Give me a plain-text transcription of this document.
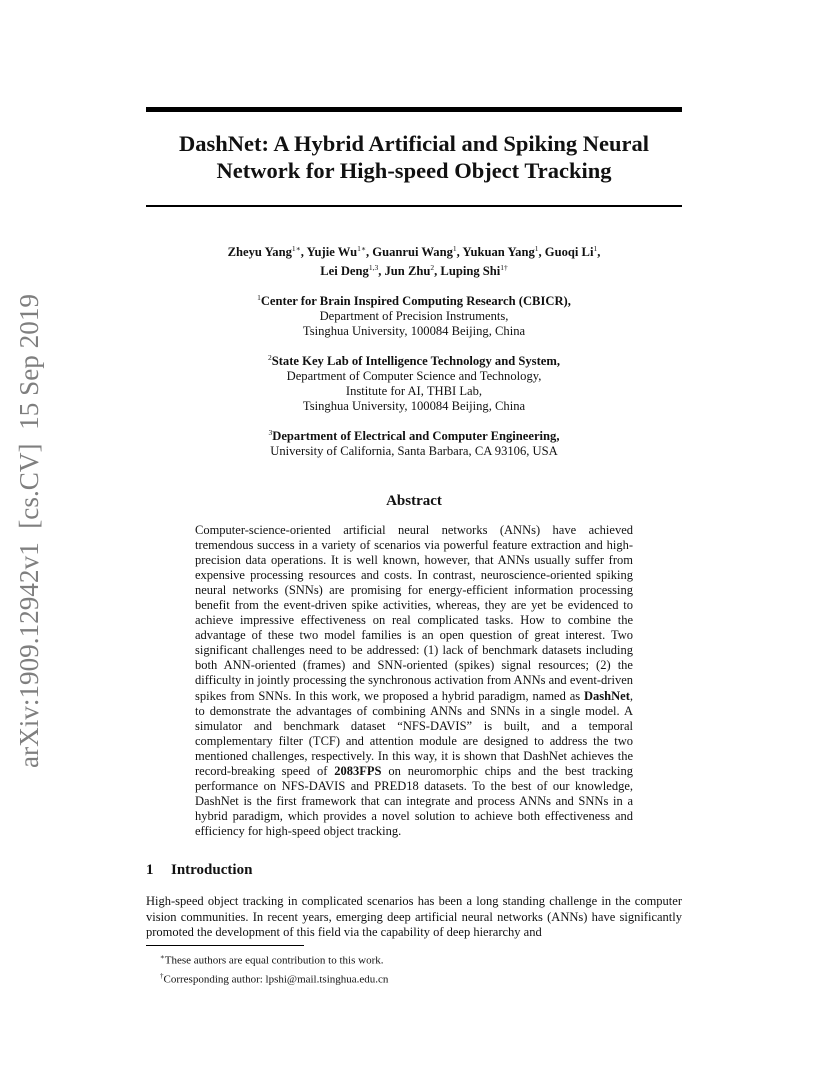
DashNet: A Hybrid Artificial and Spiking Neural
Network for High-speed Object Tracking
Zheyu Yang$^{1∗}$, Yujie $Wu^{1∗}$, Guanrui Wang$^1$, Yukuan Yang$^1$, Guoqi Li$^1$,
Lei Deng$^{1,3}$, Jun Zhu$^2$, Luping Shi$^{1\dagger}$
$^1$Center for Brain Inspired Computing Research (CBICR),
Department of Precision Instruments,
Tsinghua University, 100084 Beijing, China
$^2$State Key Lab of Intelligence Technology and System,
Department of Computer Science and Technology,
Institute for AI, THBI Lab,
Tsinghua University, 100084 Beijing, China
$^3$Department of Electrical and Computer Engineering,
University of California, Santa Barbara, CA 93106, USA
Abstract
Computer-science-oriented artificial neural networks (ANNs) have achieved tremendous success in a variety of scenarios via powerful feature extraction and high-precision data operations. It is well known, however, that ANNs usually suffer from expensive processing resources and costs. In contrast, neuroscience-oriented spiking neural networks (SNNs) are promising for energy-efficient information processing benefit from the event-driven spike activities, whereas, they are yet be evidenced to achieve impressive effectiveness on real complicated tasks. How to combine the advantage of these two model families is an open question of great interest. Two significant challenges need to be addressed: (1) lack of benchmark datasets including both ANN-oriented (frames) and SNN-oriented (spikes) signal resources; (2) the difficulty in jointly processing the synchronous activation from ANNs and event-driven spikes from SNNs. In this work, we proposed a hybrid paradigm, named as DashNet, to demonstrate the advantages of combining ANNs and SNNs in a single model. A simulator and benchmark dataset “NFS-DAVIS” is built, and a temporal complementary filter (TCF) and attention module are designed to address the two mentioned challenges, respectively. In this way, it is shown that DashNet achieves the record-breaking speed of 2083FPS on neuromorphic chips and the best tracking performance on NFS-DAVIS and PRED18 datasets. To the best of our knowledge, DashNet is the first framework that can integrate and process ANNs and SNNs in a hybrid paradigm, which provides a novel solution to achieve both effectiveness and efficiency for high-speed object tracking.
1 Introduction
High-speed object tracking in complicated scenarios has been a long standing challenge in the computer vision communities. In recent years, emerging deep artificial neural networks (ANNs) have significantly promoted the development of this field via the capability of deep hierarchy and
∗These authors are equal contribution to this work.
†Corresponding author: lpshi@mail.tsinghua.edu.cn
arXiv:1909.12942v1  [cs.CV]  15 Sep 2019
